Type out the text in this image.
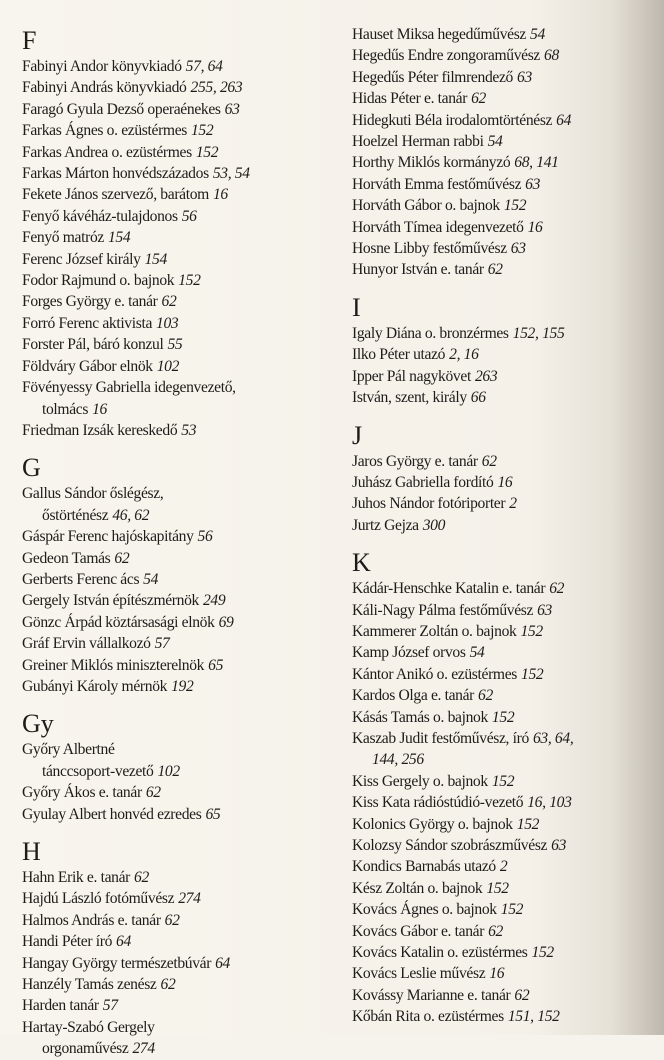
F
Fabinyi Andor könyvkiadó 57, 64
Fabinyi András könyvkiadó 255, 263
Faragó Gyula Dezső operaénekes 63
Farkas Ágnes o. ezüstérmes 152
Farkas Andrea o. ezüstérmes 152
Farkas Márton honvédszázados 53, 54
Fekete János szervező, barátom 16
Fenyő kávéház-tulajdonos 56
Fenyő matróz 154
Ferenc József király 154
Fodor Rajmund o. bajnok 152
Forges György e. tanár 62
Forró Ferenc aktivista 103
Forster Pál, báró konzul 55
Földváry Gábor elnök 102
Fövényessy Gabriella idegenvezető,
tolmács 16
Friedman Izsák kereskedő 53
G
Gallus Sándor őslégész,
őstörténész 46, 62
Gáspár Ferenc hajóskapitány 56
Gedeon Tamás 62
Gerberts Ferenc ács 54
Gergely István építészmérnök 249
Gönzc Árpád köztársasági elnök 69
Gráf Ervin vállalkozó 57
Greiner Miklós miniszterelnök 65
Gubányi Károly mérnök 192
Gy
Győry Albertné
tánccsoport-vezető 102
Győry Ákos e. tanár 62
Gyulay Albert honvéd ezredes 65
H
Hahn Erik e. tanár 62
Hajdú László fotóművész 274
Halmos András e. tanár 62
Handi Péter író 64
Hangay György természetbúvár 64
Hanzély Tamás zenész 62
Harden tanár 57
Hartay-Szabó Gergely
orgonaművész 274
Hauset Miksa hegedűművész 54
Hegedűs Endre zongoraművész 68
Hegedűs Péter filmrendező 63
Hidas Péter e. tanár 62
Hidegkuti Béla irodalomtörténész 64
Hoelzel Herman rabbi 54
Horthy Miklós kormányzó 68, 141
Horváth Emma festőművész 63
Horváth Gábor o. bajnok 152
Horváth Tímea idegenvezető 16
Hosne Libby festőművész 63
Hunyor István e. tanár 62
I
Igaly Diána o. bronzérmes 152, 155
Ilko Péter utazó 2, 16
Ipper Pál nagykövet 263
István, szent, király 66
J
Jaros György e. tanár 62
Juhász Gabriella fordító 16
Juhos Nándor fotóriporter 2
Jurtz Gejza 300
K
Kádár-Henschke Katalin e. tanár 62
Káli-Nagy Pálma festőművész 63
Kammerer Zoltán o. bajnok 152
Kamp József orvos 54
Kántor Anikó o. ezüstérmes 152
Kardos Olga e. tanár 62
Kásás Tamás o. bajnok 152
Kaszab Judit festőművész, író 63, 64,
144, 256
Kiss Gergely o. bajnok 152
Kiss Kata rádióstúdió-vezető 16, 103
Kolonics György o. bajnok 152
Kolozsy Sándor szobrászművész 63
Kondics Barnabás utazó 2
Kész Zoltán o. bajnok 152
Kovács Ágnes o. bajnok 152
Kovács Gábor e. tanár 62
Kovács Katalin o. ezüstérmes 152
Kovács Leslie művész 16
Kovássy Marianne e. tanár 62
Kőbán Rita o. ezüstérmes 151, 152
